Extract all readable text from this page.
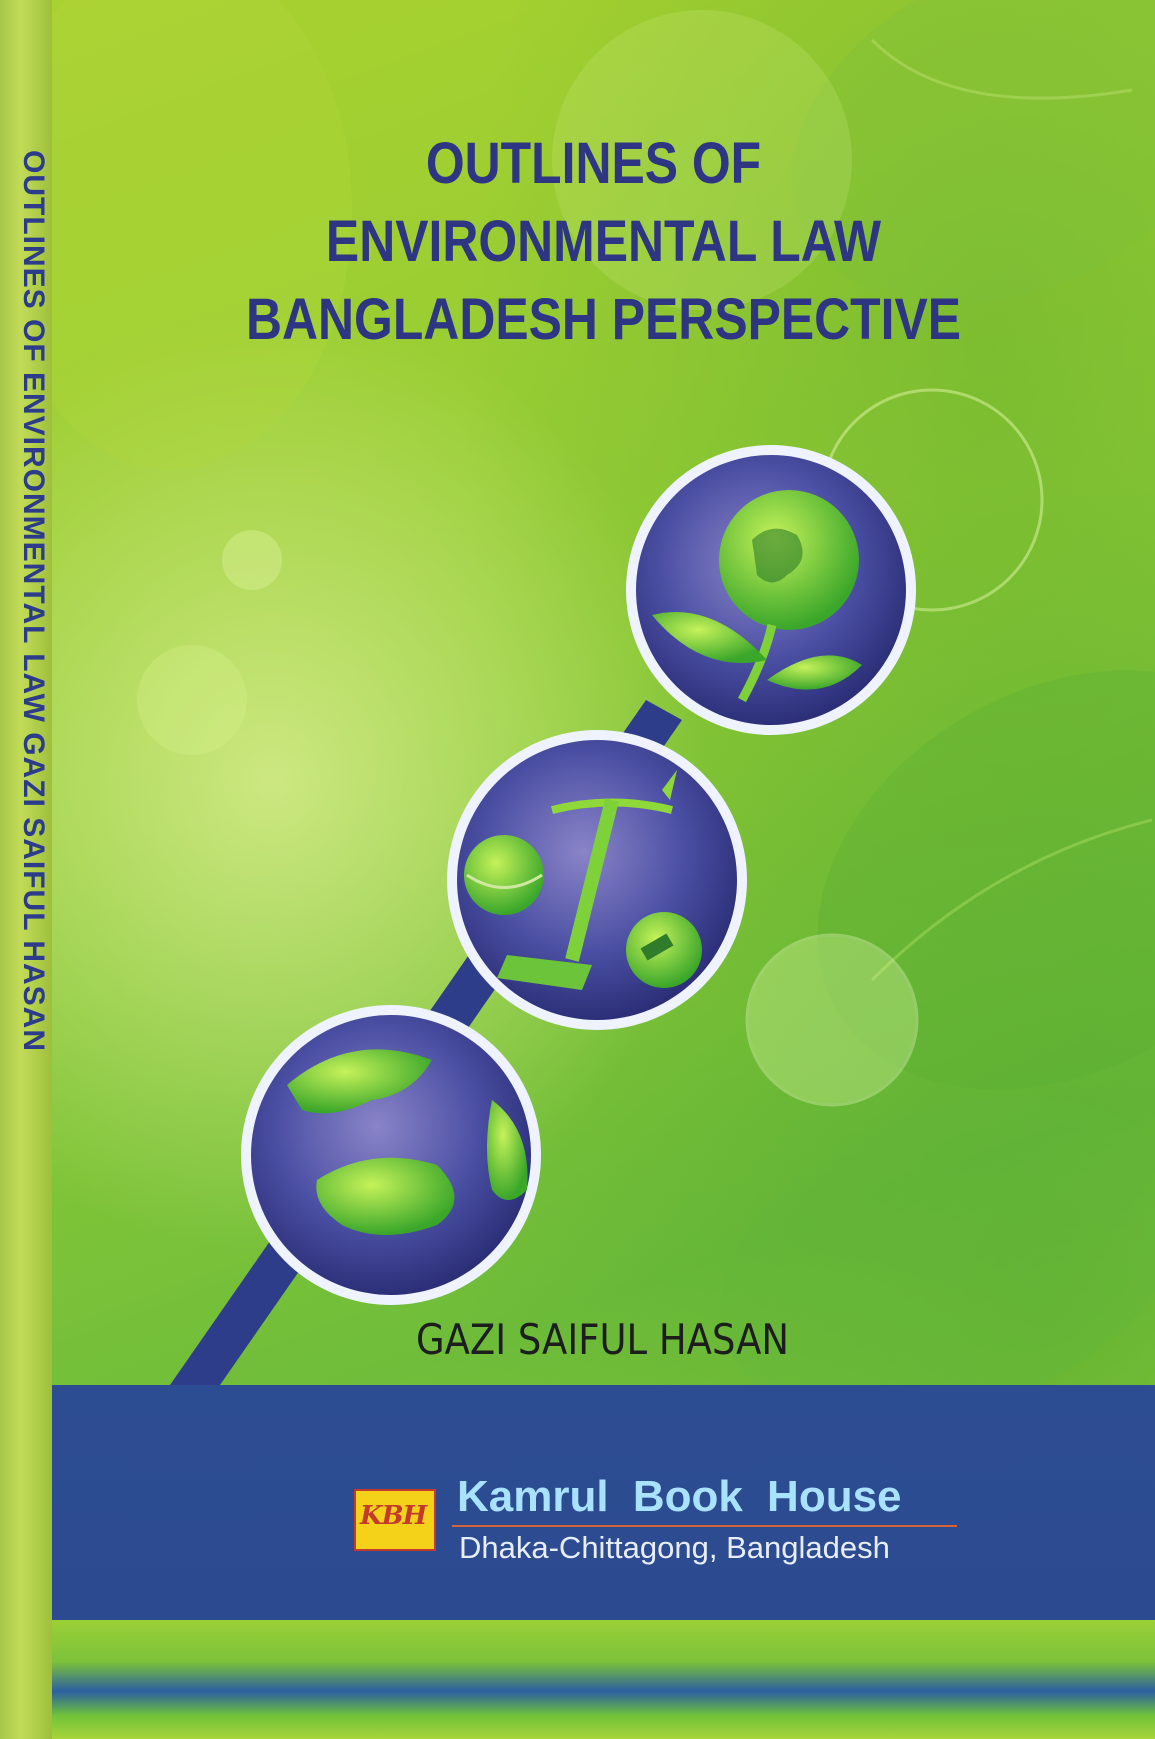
OUTLINES OF ENVIRONMENTAL LAW GAZI SAIFUL HASAN	OUTLINES OF
ENVIRONMENTAL LAW
BANGLADESH PERSPECTIVE
GAZI SAIFUL HASAN
KBH Kamrul Book House
Dhaka-Chittagong, Bangladesh
